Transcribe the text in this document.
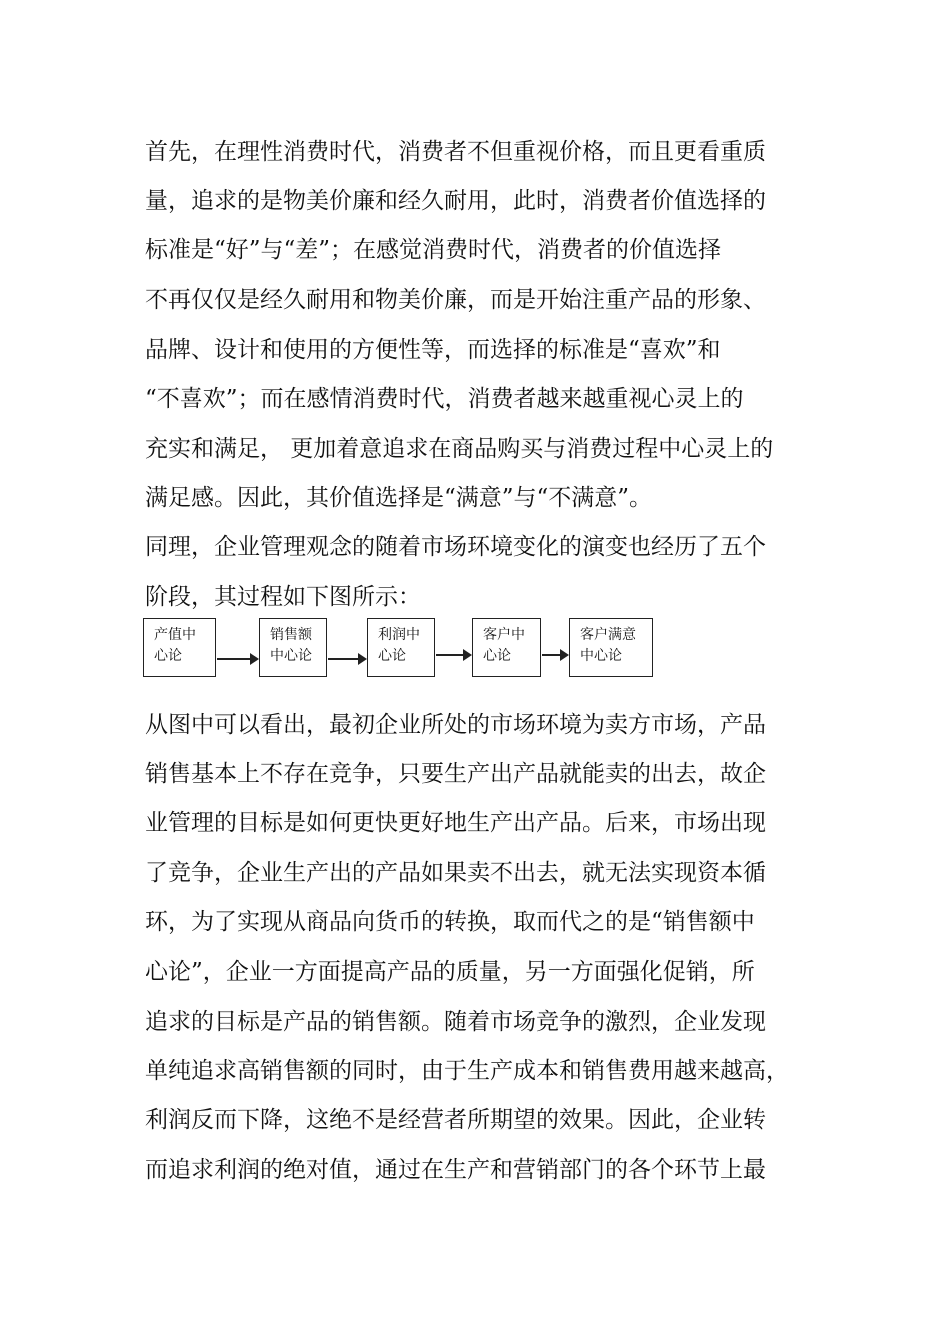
首先，在理性消费时代，消费者不但重视价格，而且更看重质
量，追求的是物美价廉和经久耐用，此时，消费者价值选择的
标准是“好”与“差”；在感觉消费时代，消费者的价值选择
不再仅仅是经久耐用和物美价廉，而是开始注重产品的形象、
品牌、设计和使用的方便性等，而选择的标准是“喜欢”和
“不喜欢”；而在感情消费时代，消费者越来越重视心灵上的
充实和满足， 更加着意追求在商品购买与消费过程中心灵上的
满足感。因此，其价值选择是“满意”与“不满意”。
同理，企业管理观念的随着市场环境变化的演变也经历了五个
阶段，其过程如下图所示：
产值中
心论
销售额
中心论
利润中
心论
客户中
心论
客户满意
中心论
从图中可以看出，最初企业所处的市场环境为卖方市场，产品
销售基本上不存在竞争，只要生产出产品就能卖的出去，故企
业管理的目标是如何更快更好地生产出产品。后来，市场出现
了竞争，企业生产出的产品如果卖不出去，就无法实现资本循
环，为了实现从商品向货币的转换，取而代之的是“销售额中
心论”，企业一方面提高产品的质量，另一方面强化促销，所
追求的目标是产品的销售额。随着市场竞争的激烈，企业发现
单纯追求高销售额的同时，由于生产成本和销售费用越来越高，
利润反而下降，这绝不是经营者所期望的效果。因此，企业转
而追求利润的绝对值，通过在生产和营销部门的各个环节上最
